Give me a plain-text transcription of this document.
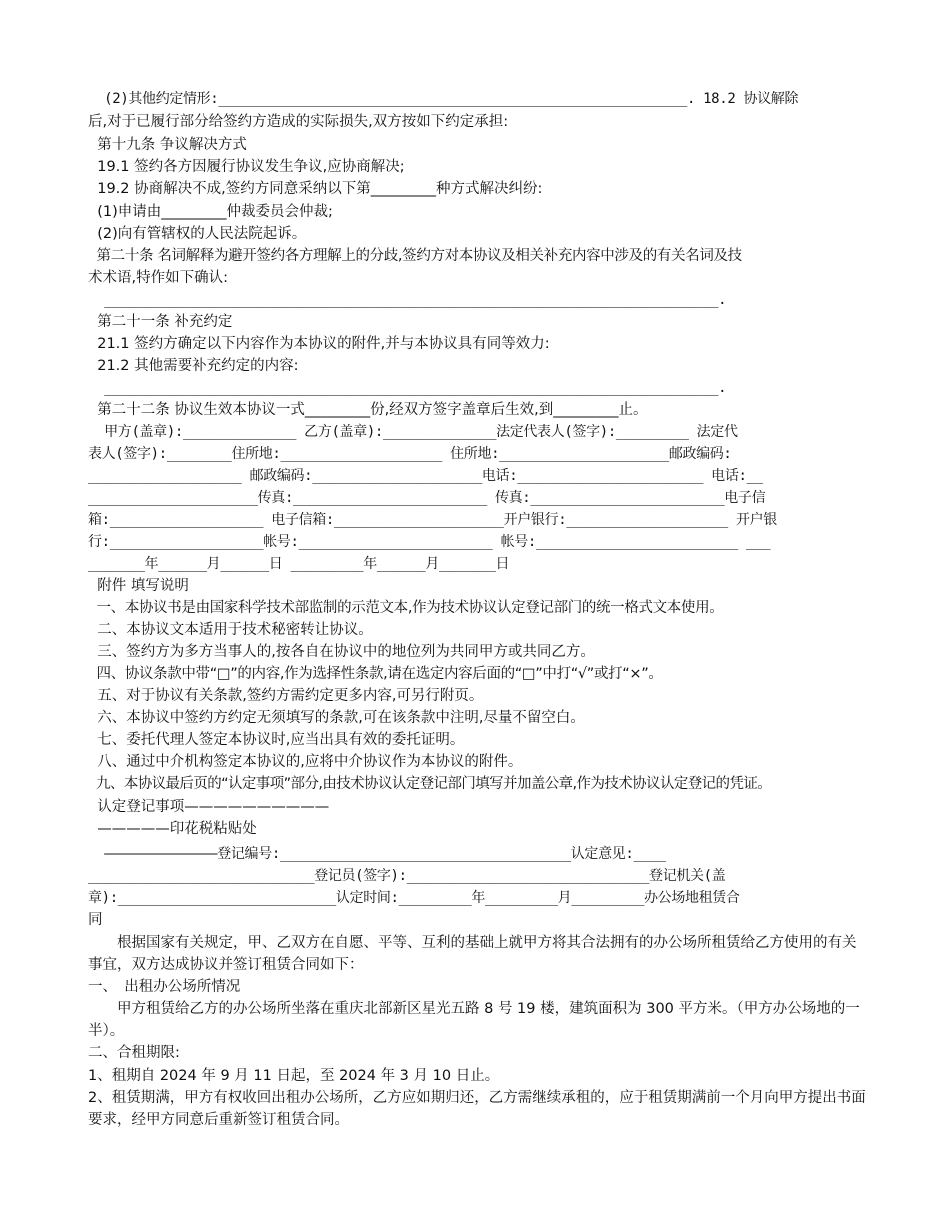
(2)其他约定情形:__________________________________________________________. 18.2 协议解除
后,对于已履行部分给签约方造成的实际损失,双方按如下约定承担:
第十九条 争议解决方式
19.1 签约各方因履行协议发生争议,应协商解决;
19.2 协商解决不成,签约方同意采纳以下第_________种方式解决纠纷:
(1)申请由_________仲裁委员会仲裁;
(2)向有管辖权的人民法院起诉。
第二十条 名词解释为避开签约各方理解上的分歧,签约方对本协议及相关补充内容中涉及的有关名词及技
术术语,特作如下确认:
____________________________________________________________________________.
第二十一条 补充约定
21.1 签约方确定以下内容作为本协议的附件,并与本协议具有同等效力:
21.2 其他需要补充约定的内容:
____________________________________________________________________________.
第二十二条 协议生效本协议一式_________份,经双方签字盖章后生效,到_________止。
甲方(盖章):______________ 乙方(盖章):______________法定代表人(签字):_________ 法定代
表人(签字):________住所地:____________________ 住所地:_____________________邮政编码:
___________________ 邮政编码:_____________________电话:_______________________ 电话:__
_____________________传真:________________________ 传真:________________________电子信
箱:___________________ 电子信箱:_____________________开户银行:____________________ 开户银
行:___________________帐号:________________________ 帐号:_________________________ ___
_______年______月______日 _________年______月_______日
附件 填写说明
一、本协议书是由国家科学技术部监制的示范文本,作为技术协议认定登记部门的统一格式文本使用。
二、本协议文本适用于技术秘密转让协议。
三、签约方为多方当事人的,按各自在协议中的地位列为共同甲方或共同乙方。
四、协议条款中带“□”的内容,作为选择性条款,请在选定内容后面的“□”中打“√”或打“×”。
五、对于协议有关条款,签约方需约定更多内容,可另行附页。
六、本协议中签约方约定无须填写的条款,可在该条款中注明,尽量不留空白。
七、委托代理人签定本协议时,应当出具有效的委托证明。
八、通过中介机构签定本协议的,应将中介协议作为本协议的附件。
九、本协议最后页的“认定事项”部分,由技术协议认定登记部门填写并加盖公章,作为技术协议认定登记的凭证。
认定登记事项——————————
—————印花税粘贴处
——————————————登记编号:____________________________________认定意见:____
____________________________登记员(签字):______________________________登记机关(盖
章):___________________________认定时间:_________年_________月_________办公场地租赁合
同
　　根据国家有关规定，甲、乙双方在自愿、平等、互利的基础上就甲方将其合法拥有的办公场所租赁给乙方使用的有关事宜，双方达成协议并签订租赁合同如下：
一、　出租办公场所情况
　　甲方租赁给乙方的办公场所坐落在重庆北部新区星光五路 8 号 19 楼，建筑面积为 300 平方米。（甲方办公场地的一半）。
二、合租期限:
1、租期自 2024 年 9 月 11 日起，至 2024 年 3 月 10 日止。
2、租赁期满，甲方有权收回出租办公场所，乙方应如期归还，乙方需继续承租的，应于租赁期满前一个月向甲方提出书面要求，经甲方同意后重新签订租赁合同。
